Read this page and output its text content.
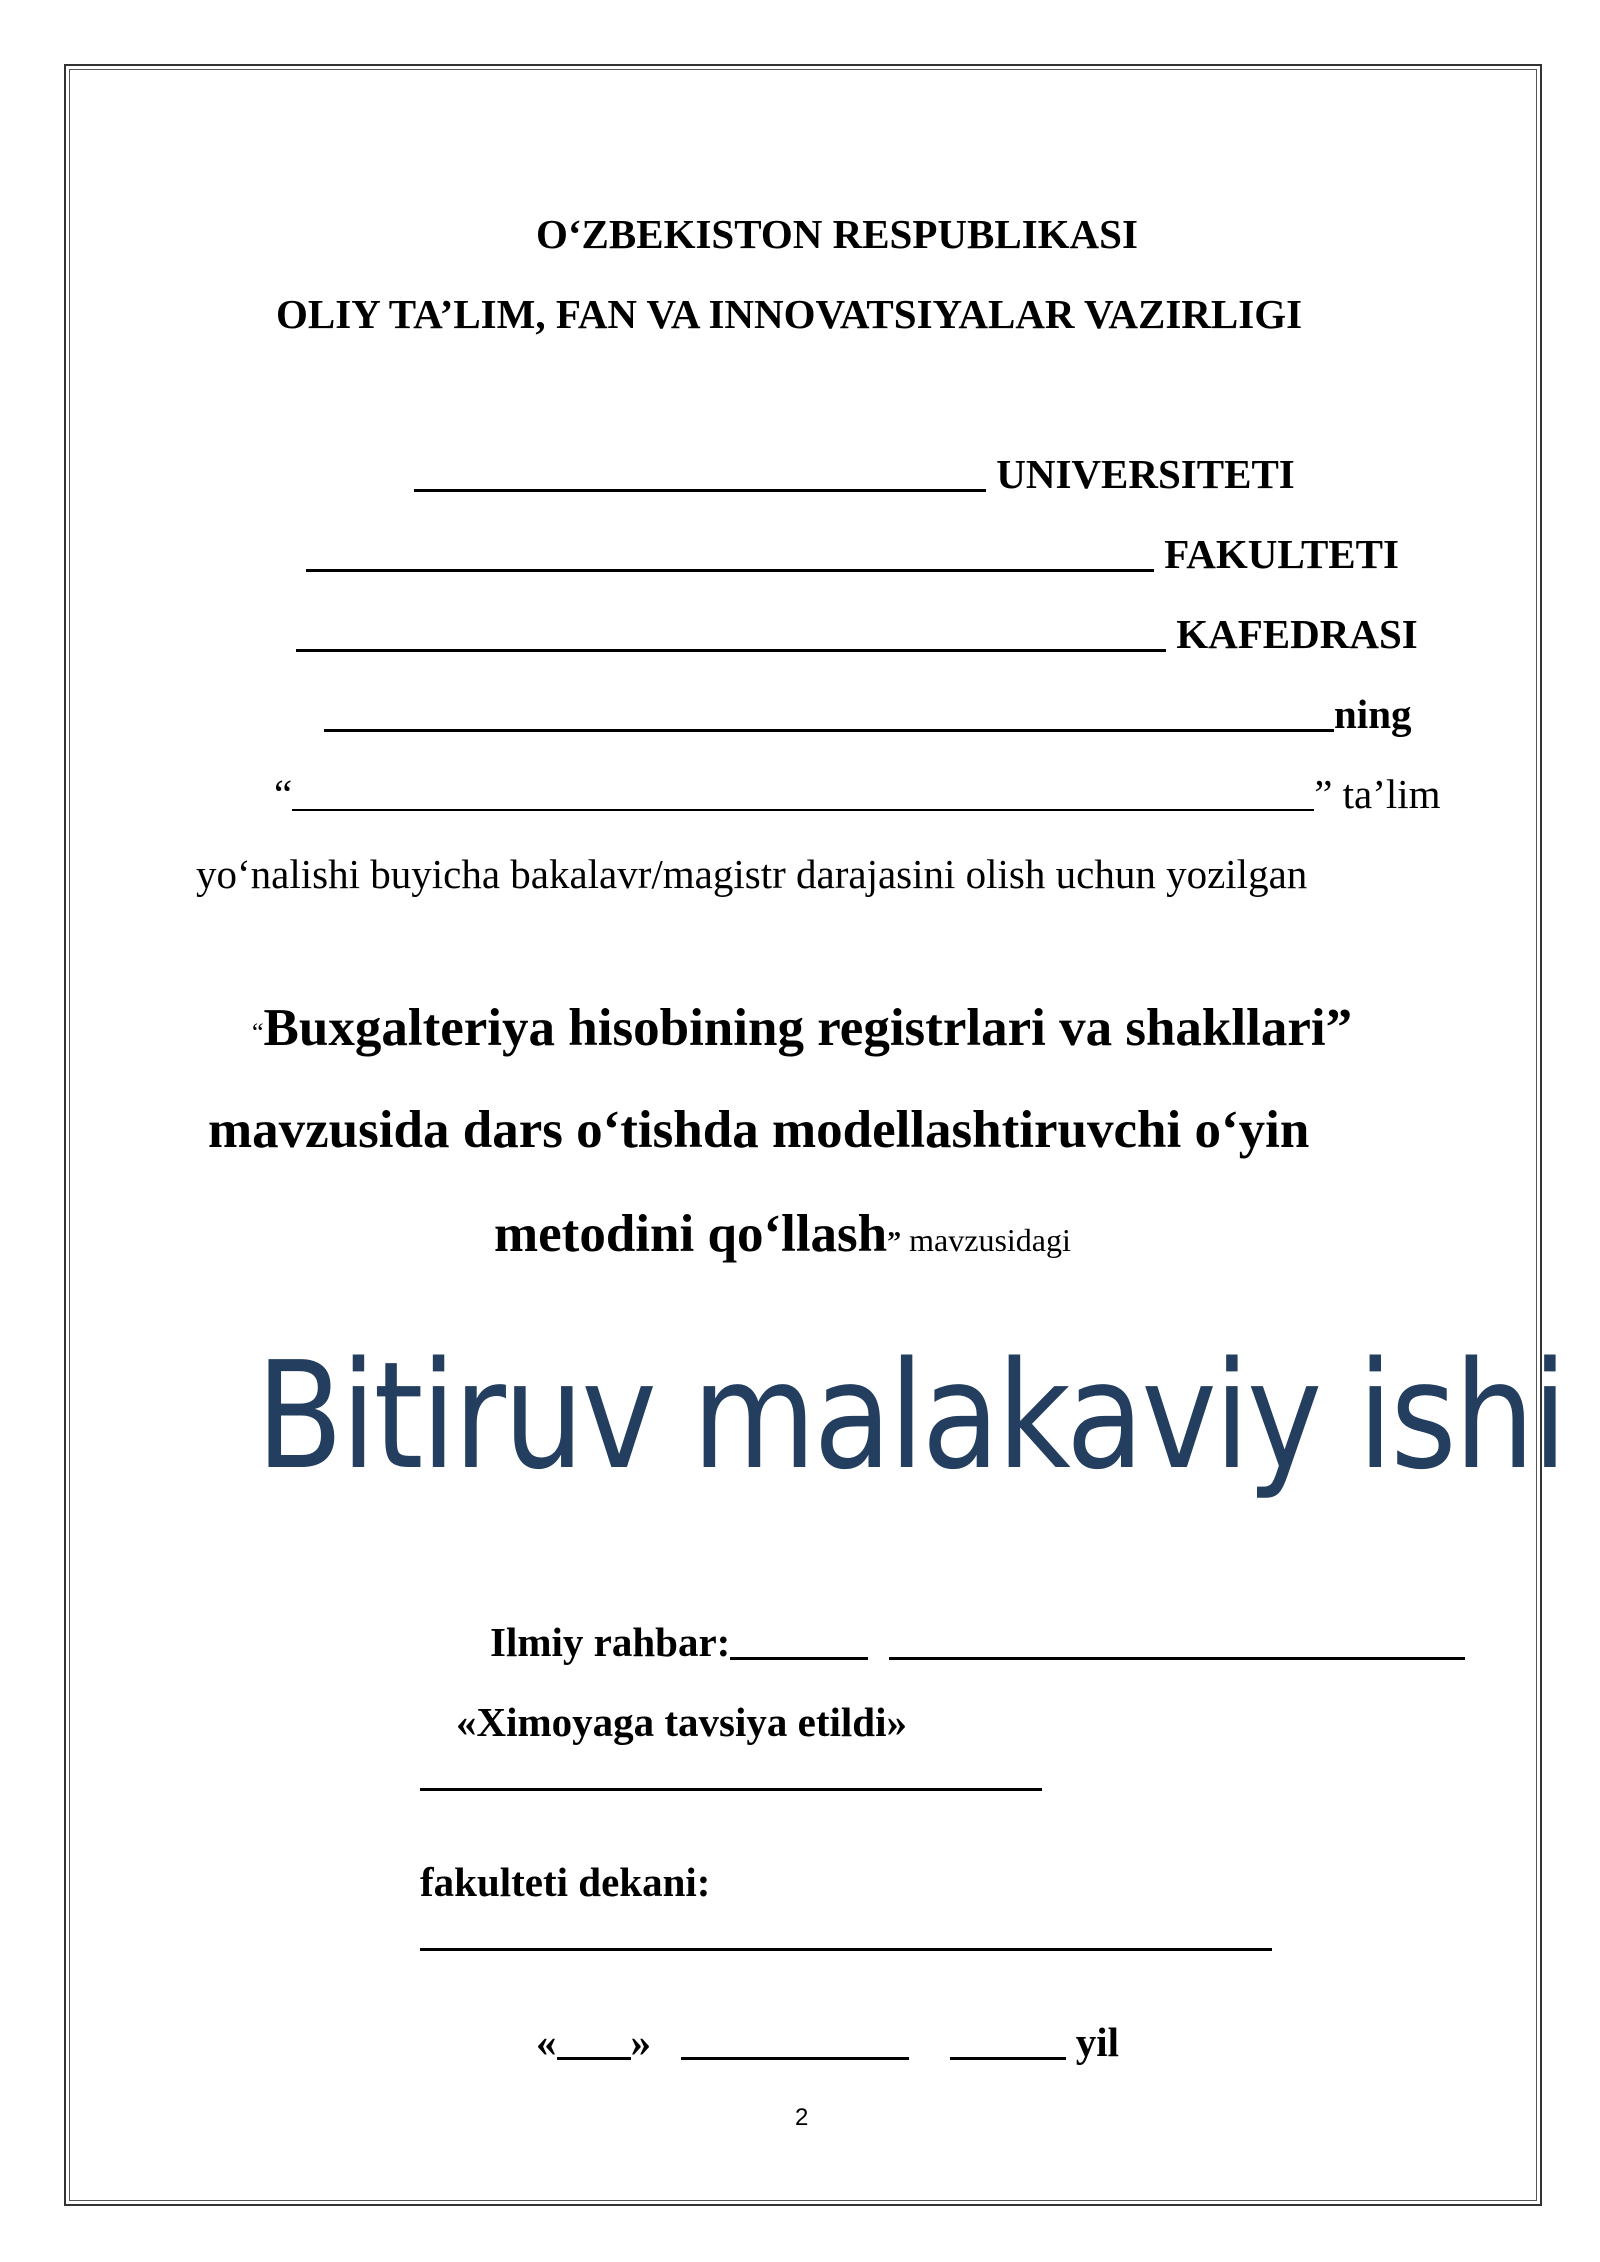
O‘ZBEKISTON RESPUBLIKASI
OLIY TA’LIM, FAN VA INNOVATSIYALAR VAZIRLIGI
UNIVERSITETI
FAKULTETI
KAFEDRASI
ning
“	” ta’lim
yo‘nalishi buyicha bakalavr/magistr darajasini olish uchun yozilgan
“Buxgalteriya hisobining registrlari va shakllari”
mavzusida dars o‘tishda modellashtiruvchi o‘yin
metodini qo‘llash” mavzusidagi
Bitiruv malakaviy ishi
Ilmiy rahbar:
«Ximoyaga tavsiya etildi»
fakulteti dekani:
« »	yil
2
